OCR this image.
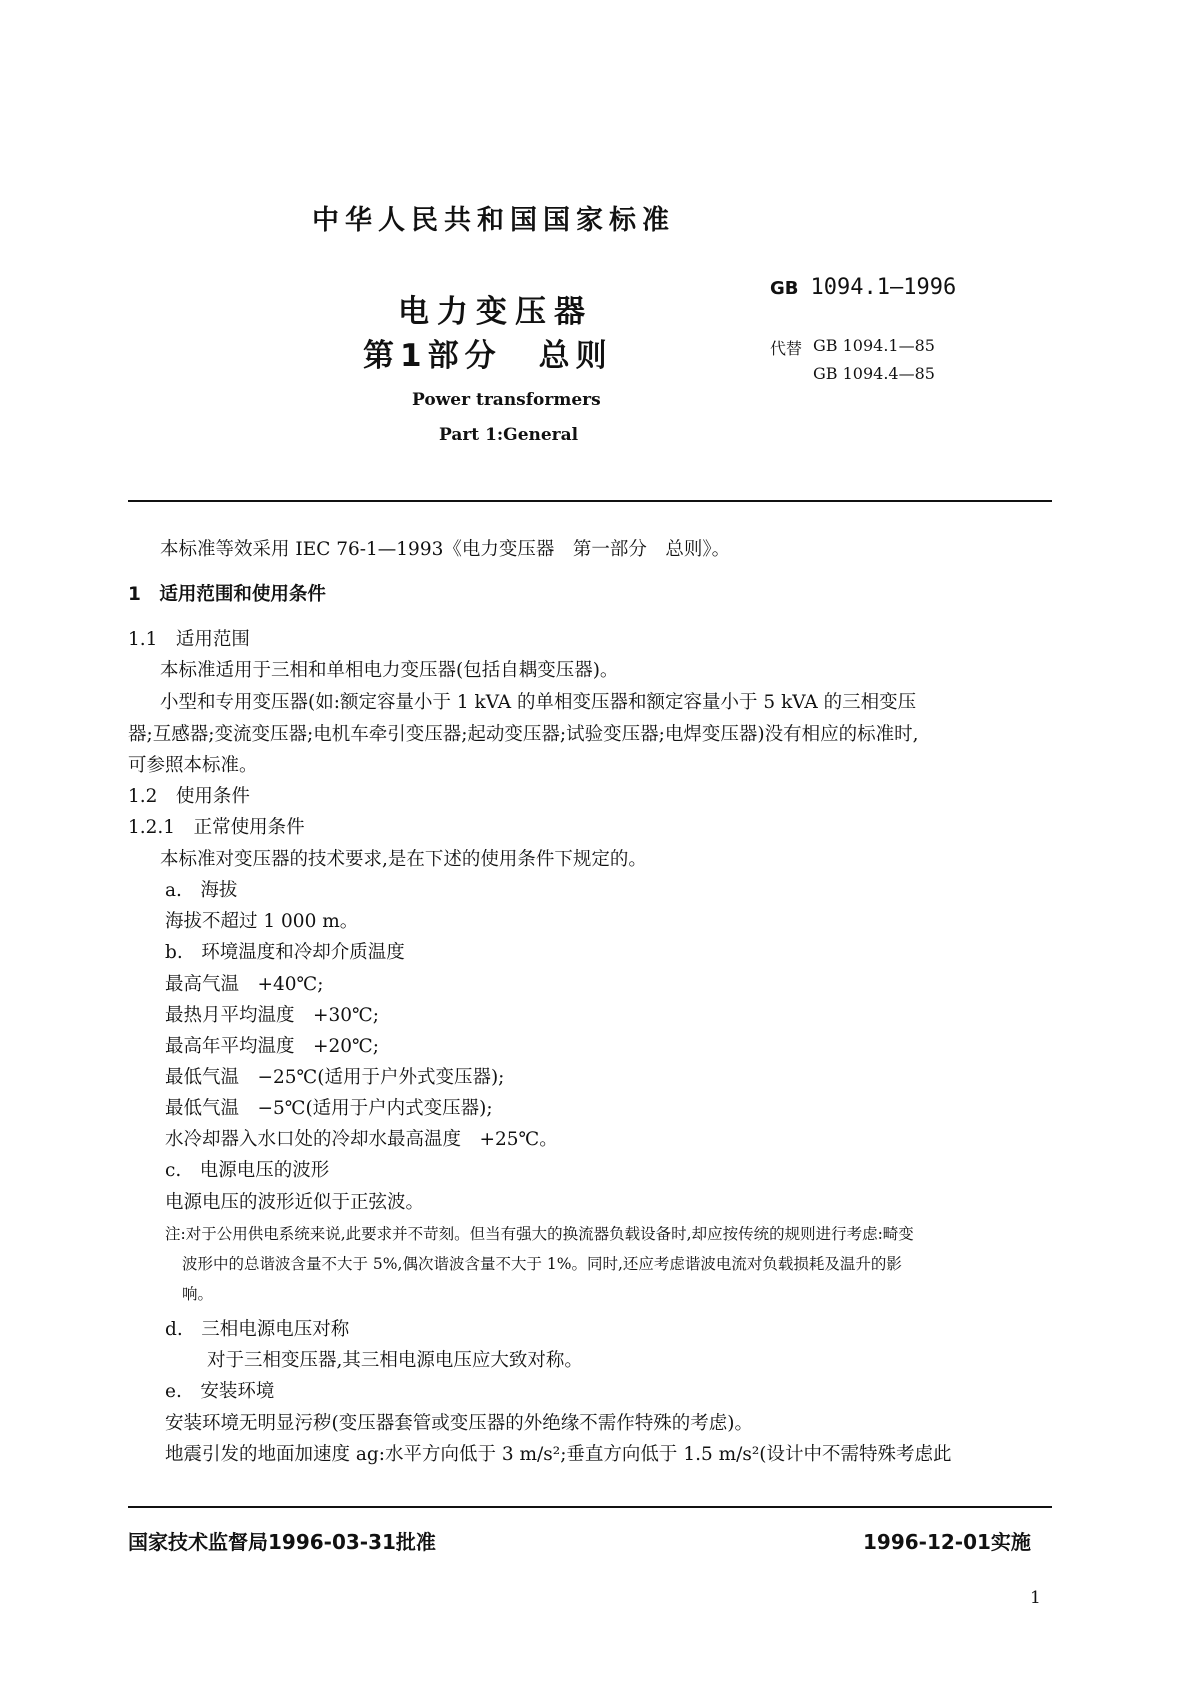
中华人民共和国国家标准
GB 1094.1—1996
代替 GB 1094.1—85
GB 1094.4—85
电力变压器
第1部分　总则
Power transformers
Part 1:General
本标准等效采用 IEC 76-1—1993《电力变压器　第一部分　总则》。
1　适用范围和使用条件
1.1　适用范围
本标准适用于三相和单相电力变压器(包括自耦变压器)。
小型和专用变压器(如:额定容量小于 1 kVA 的单相变压器和额定容量小于 5 kVA 的三相变压
器;互感器;变流变压器;电机车牵引变压器;起动变压器;试验变压器;电焊变压器)没有相应的标准时,
可参照本标准。
1.2　使用条件
1.2.1　正常使用条件
本标准对变压器的技术要求,是在下述的使用条件下规定的。
a.　海拔
海拔不超过 1 000 m。
b.　环境温度和冷却介质温度
最高气温　+40℃;
最热月平均温度　+30℃;
最高年平均温度　+20℃;
最低气温　−25℃(适用于户外式变压器);
最低气温　−5℃(适用于户内式变压器);
水冷却器入水口处的冷却水最高温度　+25℃。
c.　电源电压的波形
电源电压的波形近似于正弦波。
注:对于公用供电系统来说,此要求并不苛刻。但当有强大的换流器负载设备时,却应按传统的规则进行考虑:畸变
波形中的总谐波含量不大于 5%,偶次谐波含量不大于 1%。同时,还应考虑谐波电流对负载损耗及温升的影
响。
d.　三相电源电压对称
对于三相变压器,其三相电源电压应大致对称。
e.　安装环境
安装环境无明显污秽(变压器套管或变压器的外绝缘不需作特殊的考虑)。
地震引发的地面加速度 ag:水平方向低于 3 m/s²;垂直方向低于 1.5 m/s²(设计中不需特殊考虑此
国家技术监督局1996-03-31批准	1996-12-01实施
1
